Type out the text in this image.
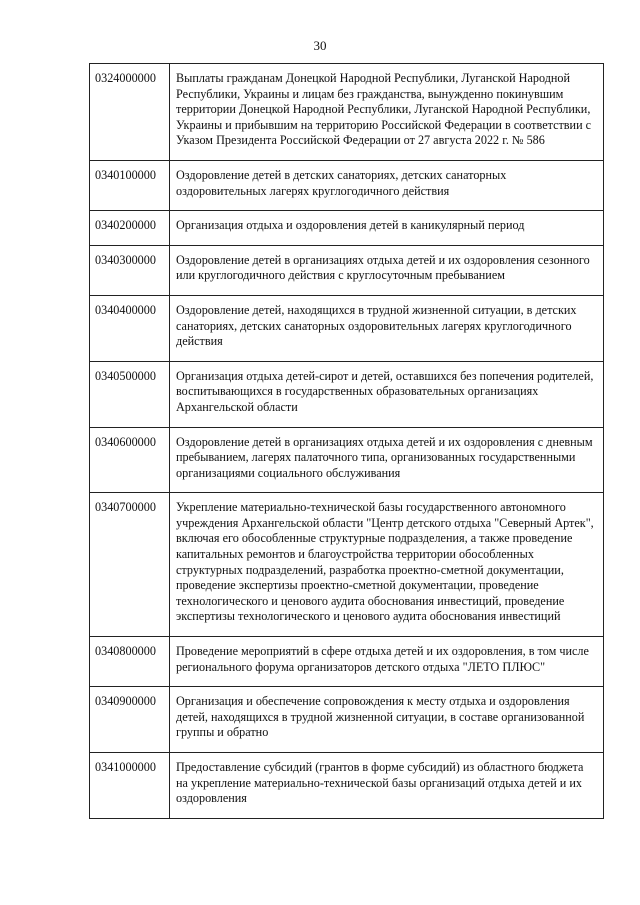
30
0324000000	Выплаты гражданам Донецкой Народной Республики, Луганской Народной Республики, Украины и лицам без гражданства, вынужденно покинувшим территории Донецкой Народной Республики, Луганской Народной Республики, Украины и прибывшим на территорию Российской Федерации в соответствии с Указом Президента Российской Федерации от 27 августа 2022 г. № 586
0340100000	Оздоровление детей в детских санаториях, детских санаторных оздоровительных лагерях круглогодичного действия
0340200000	Организация отдыха и оздоровления детей в каникулярный период
0340300000	Оздоровление детей в организациях отдыха детей и их оздоровления сезонного или круглогодичного действия с круглосуточным пребыванием
0340400000	Оздоровление детей, находящихся в трудной жизненной ситуации, в детских санаториях, детских санаторных оздоровительных лагерях круглогодичного действия
0340500000	Организация отдыха детей-сирот и детей, оставшихся без попечения родителей, воспитывающихся в государственных образовательных организациях Архангельской области
0340600000	Оздоровление детей в организациях отдыха детей и их оздоровления с дневным пребыванием, лагерях палаточного типа, организованных государственными организациями социального обслуживания
0340700000	Укрепление материально-технической базы государственного автономного учреждения Архангельской области "Центр детского отдыха "Северный Артек", включая его обособленные структурные подразделения, а также проведение капитальных ремонтов и благоустройства территории обособленных структурных подразделений, разработка проектно-сметной документации, проведение экспертизы проектно-сметной документации, проведение технологического и ценового аудита обоснования инвестиций, проведение экспертизы технологического и ценового аудита обоснования инвестиций
0340800000	Проведение мероприятий в сфере отдыха детей и их оздоровления, в том числе регионального форума организаторов детского отдыха "ЛЕТО ПЛЮС"
0340900000	Организация и обеспечение сопровождения к месту отдыха и оздоровления детей, находящихся в трудной жизненной ситуации, в составе организованной группы и обратно
0341000000	Предоставление субсидий (грантов в форме субсидий) из областного бюджета на укрепление материально-технической базы организаций отдыха детей и их оздоровления
